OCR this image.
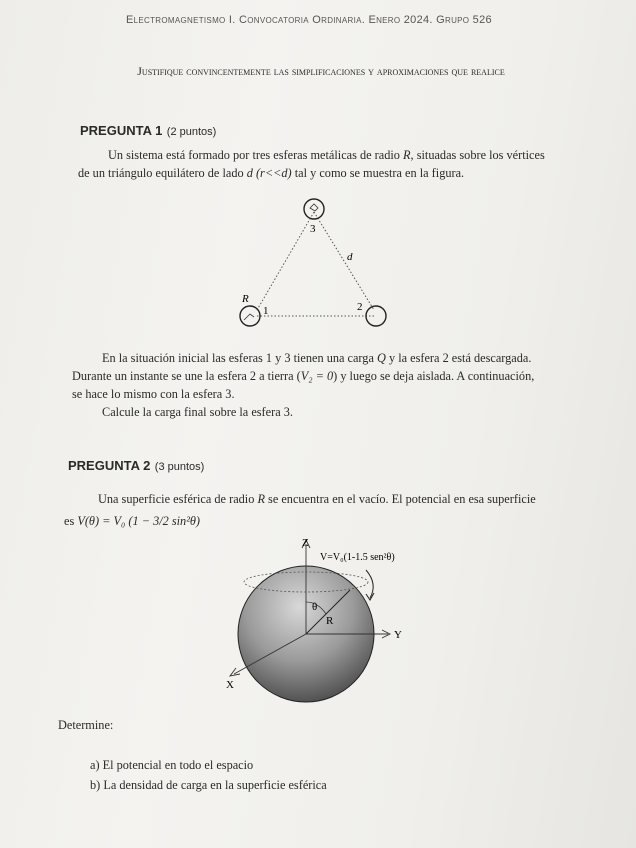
Electromagnetismo I. Convocatoria Ordinaria. Enero 2024. Grupo 526
Justifique convincentemente las simplificaciones y aproximaciones que realice
PREGUNTA 1 (2 puntos)
Un sistema está formado por tres esferas metálicas de radio R, situadas sobre los vértices
de un triángulo equilátero de lado d (r<<d) tal y como se muestra en la figura.
3
d
R
1	2
En la situación inicial las esferas 1 y 3 tienen una carga Q y la esfera 2 está descargada.
Durante un instante se une la esfera 2 a tierra (V₂ = 0) y luego se deja aislada. A continuación,
se hace lo mismo con la esfera 3.
Calcule la carga final sobre la esfera 3.
PREGUNTA 2 (3 puntos)
Una superficie esférica de radio R se encuentra en el vacío. El potencial en esa superficie
es V(θ) = V₀ (1 − 3/2 sin²θ)
Z
Y
X
R
θ
V=V₀(1-1.5 sen²θ)
Determine:
a) El potencial en todo el espacio
b) La densidad de carga en la superficie esférica
